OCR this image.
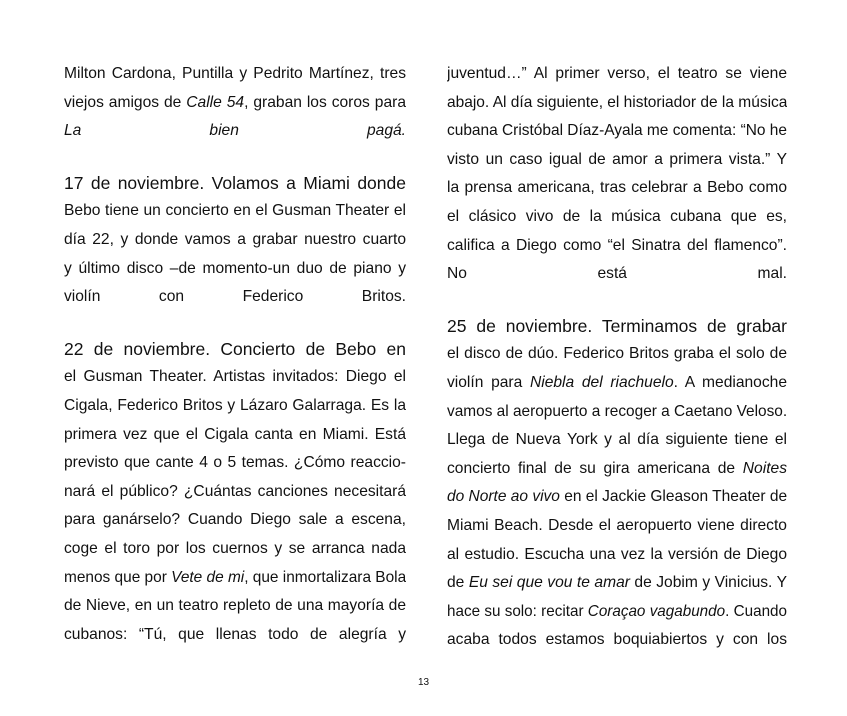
Milton Cardona, Puntilla y Pedrito Martínez, tres
viejos amigos de Calle 54, graban los coros para
La bien pagá.
17 de noviembre. Volamos a Miami donde
Bebo tiene un concierto en el Gusman Theater el
día 22, y donde vamos a grabar nuestro cuarto
y último disco –de momento-un duo de piano y
violín con Federico Britos.
22 de noviembre. Concierto de Bebo en
el Gusman Theater. Artistas invitados: Diego el
Cigala, Federico Britos y Lázaro Galarraga. Es la
primera vez que el Cigala canta en Miami. Está
previsto que cante 4 o 5 temas. ¿Cómo reaccio-
nará el público? ¿Cuántas canciones necesitará
para ganárselo? Cuando Diego sale a escena,
coge el toro por los cuernos y se arranca nada
menos que por Vete de mi, que inmortalizara Bola
de Nieve, en un teatro repleto de una mayoría de
cubanos: “Tú, que llenas todo de alegría y
juventud…” Al primer verso, el teatro se viene
abajo. Al día siguiente, el historiador de la música
cubana Cristóbal Díaz-Ayala me comenta: “No he
visto un caso igual de amor a primera vista.” Y
la prensa americana, tras celebrar a Bebo como
el clásico vivo de la música cubana que es,
califica a Diego como “el Sinatra del flamenco”.
No está mal.
25 de noviembre. Terminamos de grabar
el disco de dúo. Federico Britos graba el solo de
violín para Niebla del riachuelo. A medianoche
vamos al aeropuerto a recoger a Caetano Veloso.
Llega de Nueva York y al día siguiente tiene el
concierto final de su gira americana de Noites
do Norte ao vivo en el Jackie Gleason Theater de
Miami Beach. Desde el aeropuerto viene directo
al estudio. Escucha una vez la versión de Diego
de Eu sei que vou te amar de Jobim y Vinicius. Y
hace su solo: recitar Coraçao vagabundo. Cuando
acaba todos estamos boquiabiertos y con los
13
